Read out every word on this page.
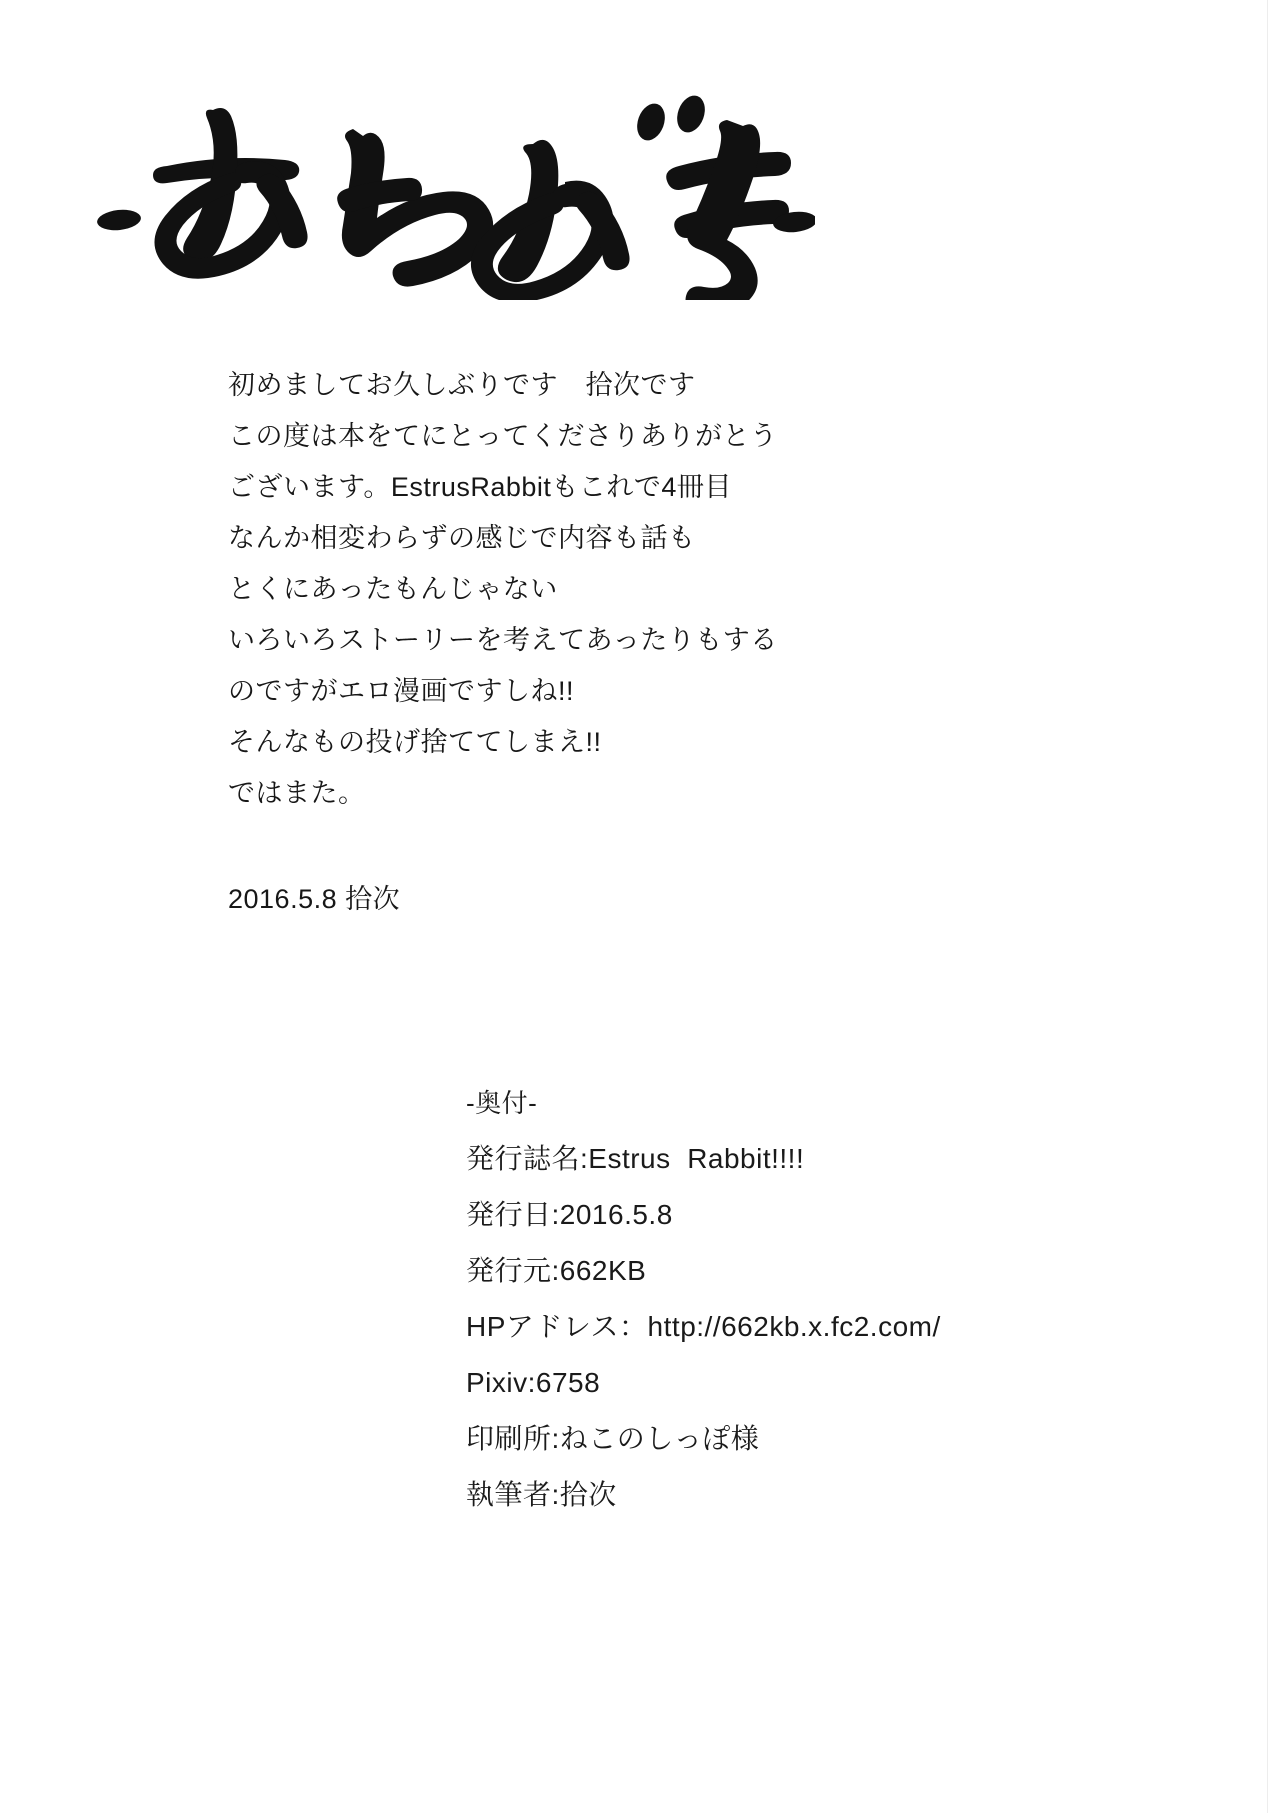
初めましてお久しぶりです　拾次です

この度は本をてにとってくださりありがとう

ございます。EstrusRabbitもこれで4冊目

なんか相変わらずの感じで内容も話も

とくにあったもんじゃない

いろいろストーリーを考えてあったりもする

のですがエロ漫画ですしね!!

そんなもの投げ捨ててしまえ!!

ではまた。

2016.5.8 拾次

-奥付-
発行誌名:Estrus  Rabbit!!!!
発行日:2016.5.8
発行元:662KB
HPアドレス：http://662kb.x.fc2.com/
Pixiv:6758
印刷所:ねこのしっぽ様
執筆者:拾次
